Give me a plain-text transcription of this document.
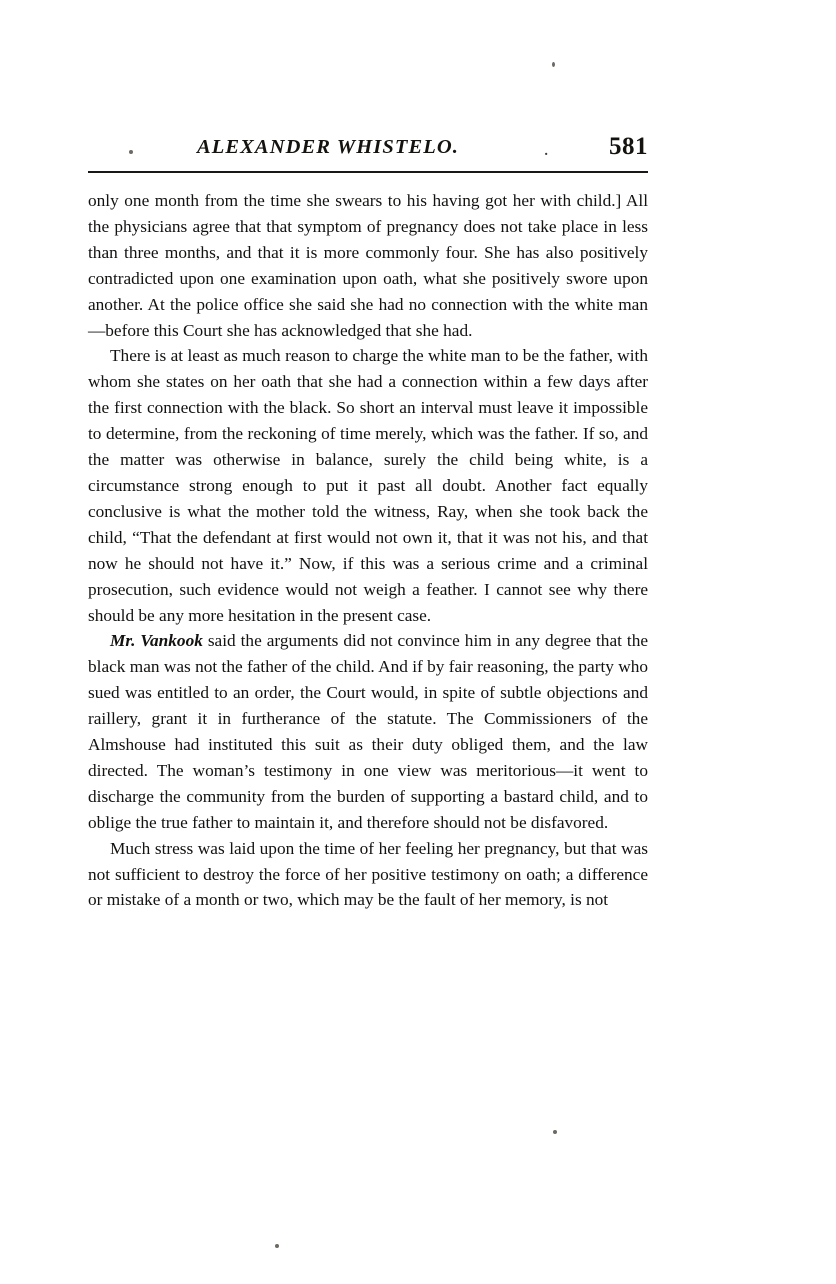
ALEXANDER WHISTELO.	· 581

only one month from the time she swears to his having got her with child.] All the physicians agree that that symptom of pregnancy does not take place in less than three months, and that it is more commonly four. She has also positively contradicted upon one examination upon oath, what she positively swore upon another. At the police office she said she had no connection with the white man—before this Court she has acknowledged that she had.

There is at least as much reason to charge the white man to be the father, with whom she states on her oath that she had a connection within a few days after the first connection with the black. So short an interval must leave it impossible to determine, from the reckoning of time merely, which was the father. If so, and the matter was otherwise in balance, surely the child being white, is a circumstance strong enough to put it past all doubt. Another fact equally conclusive is what the mother told the witness, Ray, when she took back the child, “That the defendant at first would not own it, that it was not his, and that now he should not have it.” Now, if this was a serious crime and a criminal prosecution, such evidence would not weigh a feather. I cannot see why there should be any more hesitation in the present case.

Mr. Vankook said the arguments did not convince him in any degree that the black man was not the father of the child. And if by fair reasoning, the party who sued was entitled to an order, the Court would, in spite of subtle objections and raillery, grant it in furtherance of the statute. The Commissioners of the Almshouse had instituted this suit as their duty obliged them, and the law directed. The woman’s testimony in one view was meritorious—it went to discharge the community from the burden of supporting a bastard child, and to oblige the true father to maintain it, and therefore should not be disfavored.

Much stress was laid upon the time of her feeling her pregnancy, but that was not sufficient to destroy the force of her positive testimony on oath; a difference or mistake of a month or two, which may be the fault of her memory, is not
